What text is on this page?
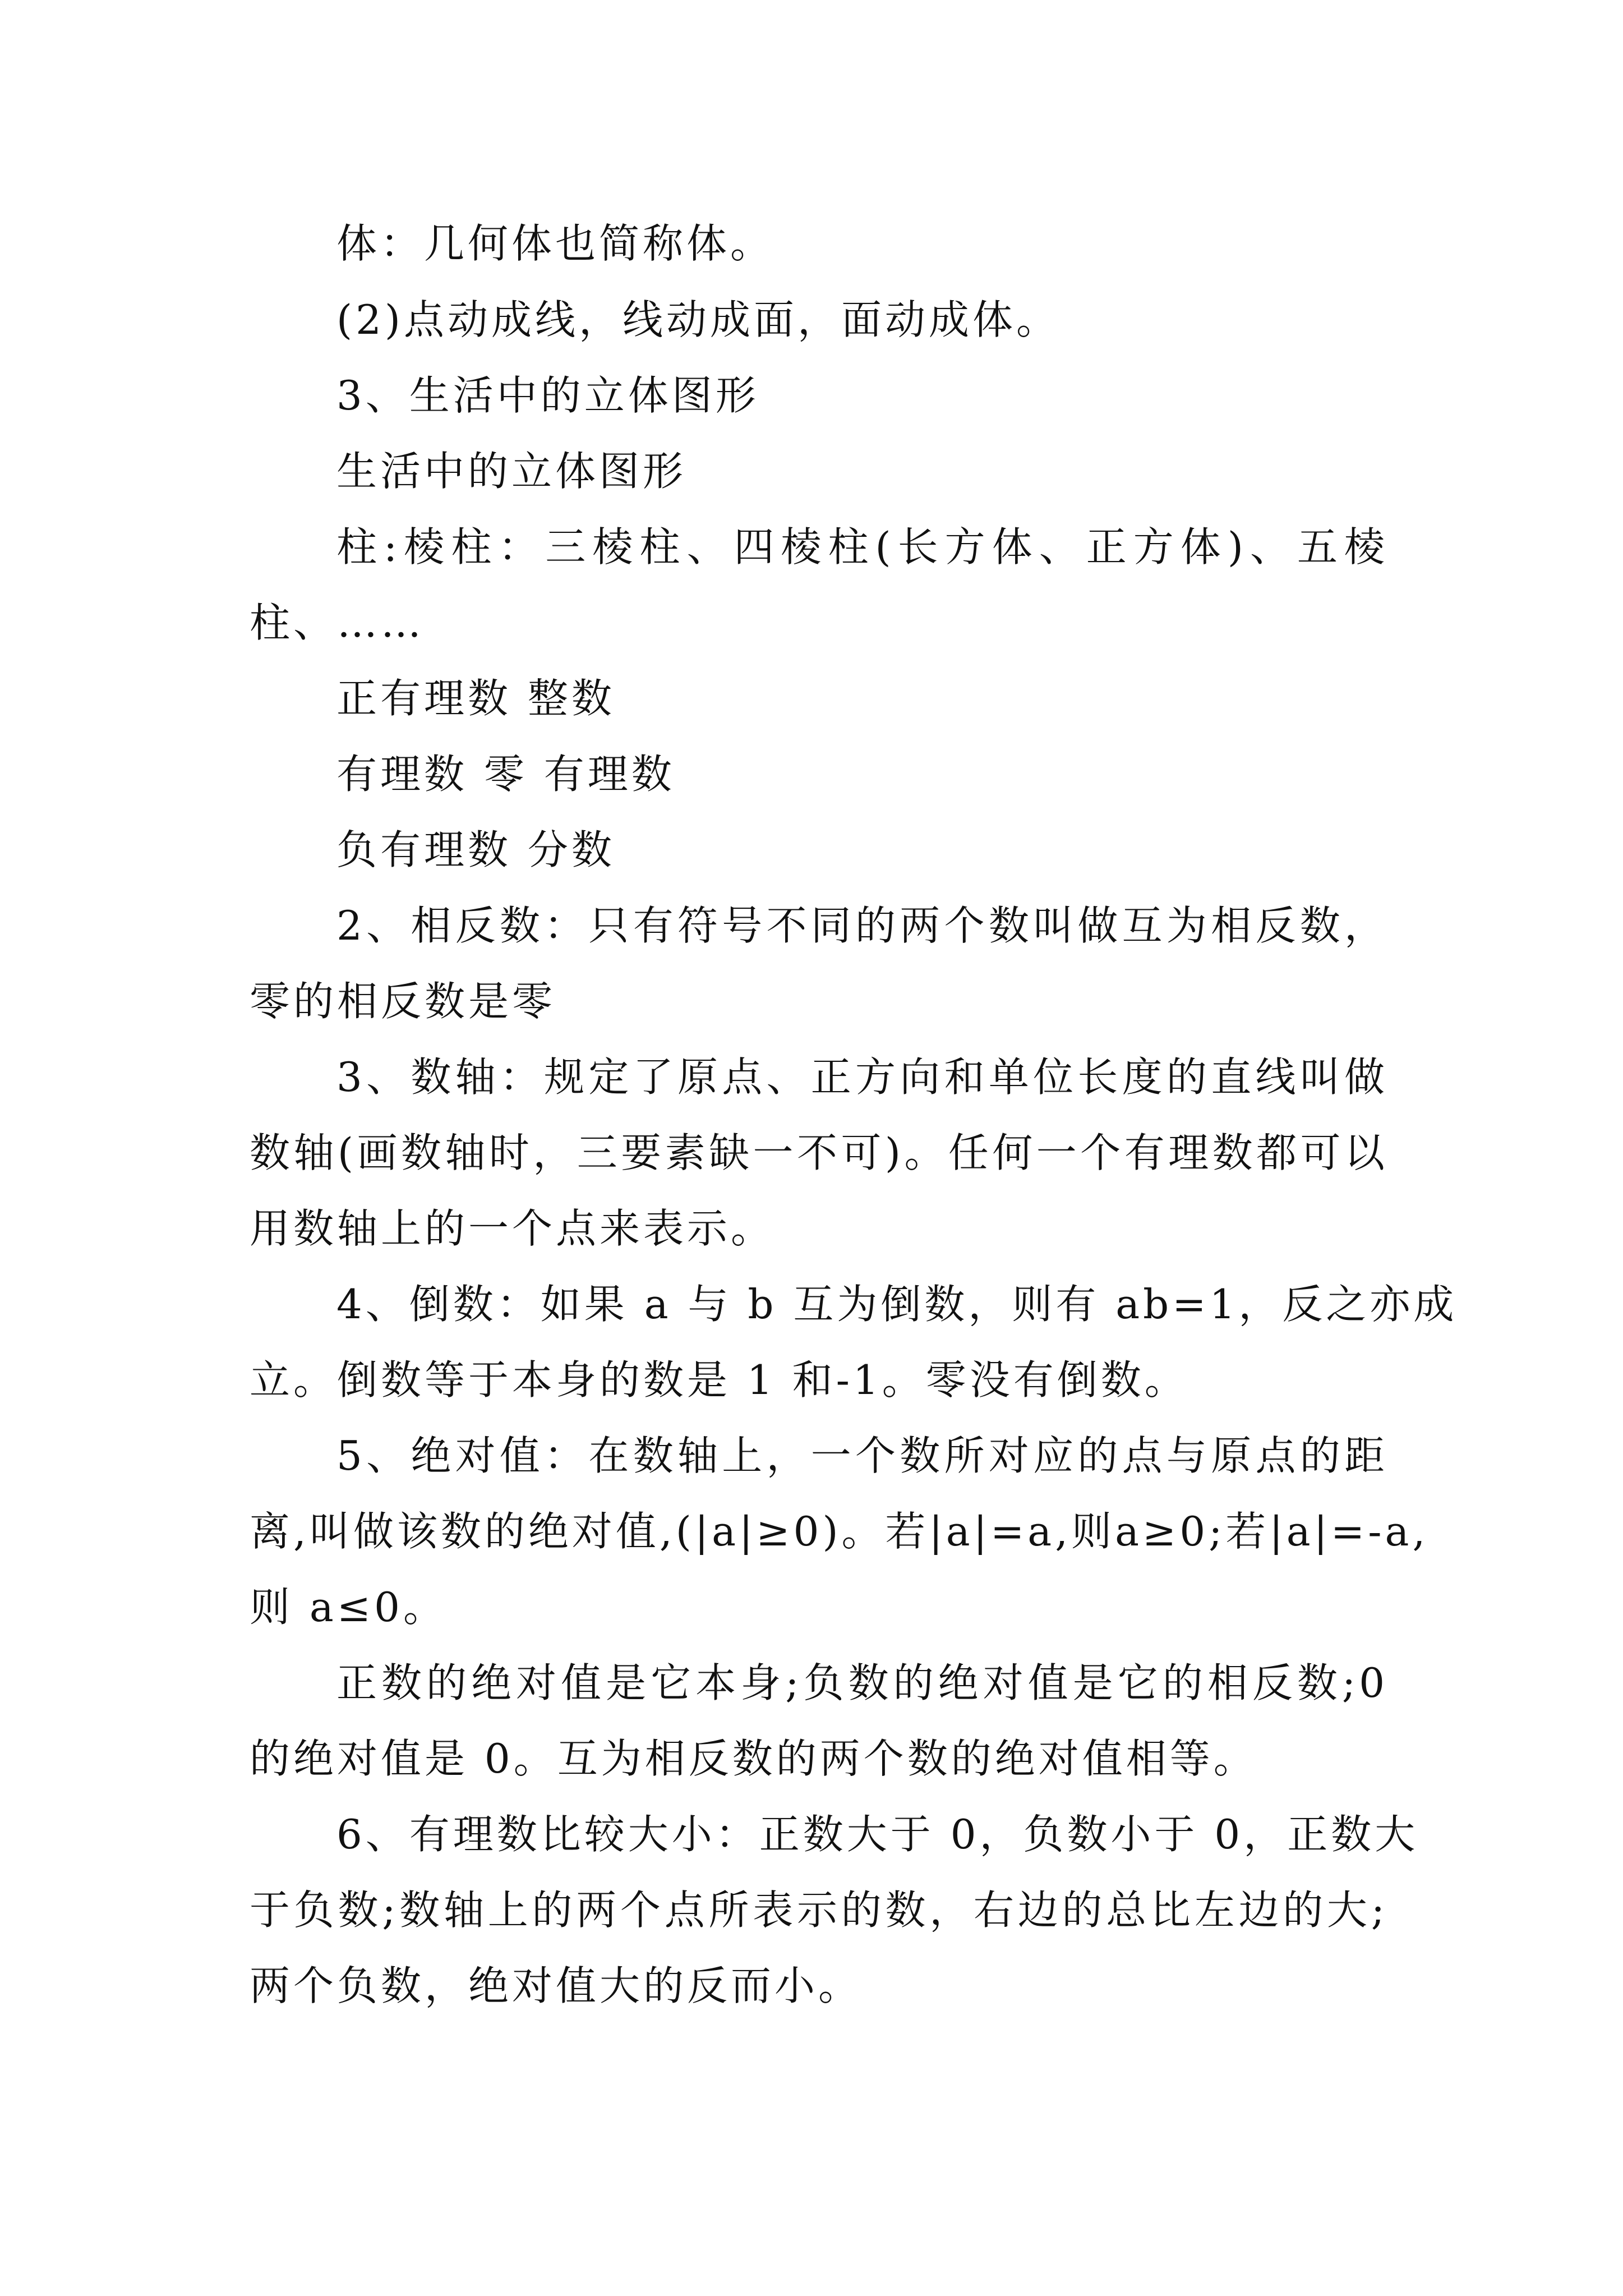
体：几何体也简称体。
(2)点动成线，线动成面，面动成体。
3、生活中的立体图形
生活中的立体图形
柱:棱柱：三棱柱、四棱柱(长方体、正方体)、五棱
柱、……
正有理数 整数
有理数 零 有理数
负有理数 分数
2、相反数：只有符号不同的两个数叫做互为相反数，
零的相反数是零
3、数轴：规定了原点、正方向和单位长度的直线叫做
数轴(画数轴时，三要素缺一不可)。任何一个有理数都可以
用数轴上的一个点来表示。
4、倒数：如果 a 与 b 互为倒数，则有 ab=1，反之亦成
立。倒数等于本身的数是 1 和-1。零没有倒数。
5、绝对值：在数轴上，一个数所对应的点与原点的距
离,叫做该数的绝对值,(|a|≥0)。若|a|=a,则a≥0;若|a|=-a,
则 a≤0。
正数的绝对值是它本身;负数的绝对值是它的相反数;0
的绝对值是 0。互为相反数的两个数的绝对值相等。
6、有理数比较大小：正数大于 0，负数小于 0，正数大
于负数;数轴上的两个点所表示的数，右边的总比左边的大;
两个负数，绝对值大的反而小。
